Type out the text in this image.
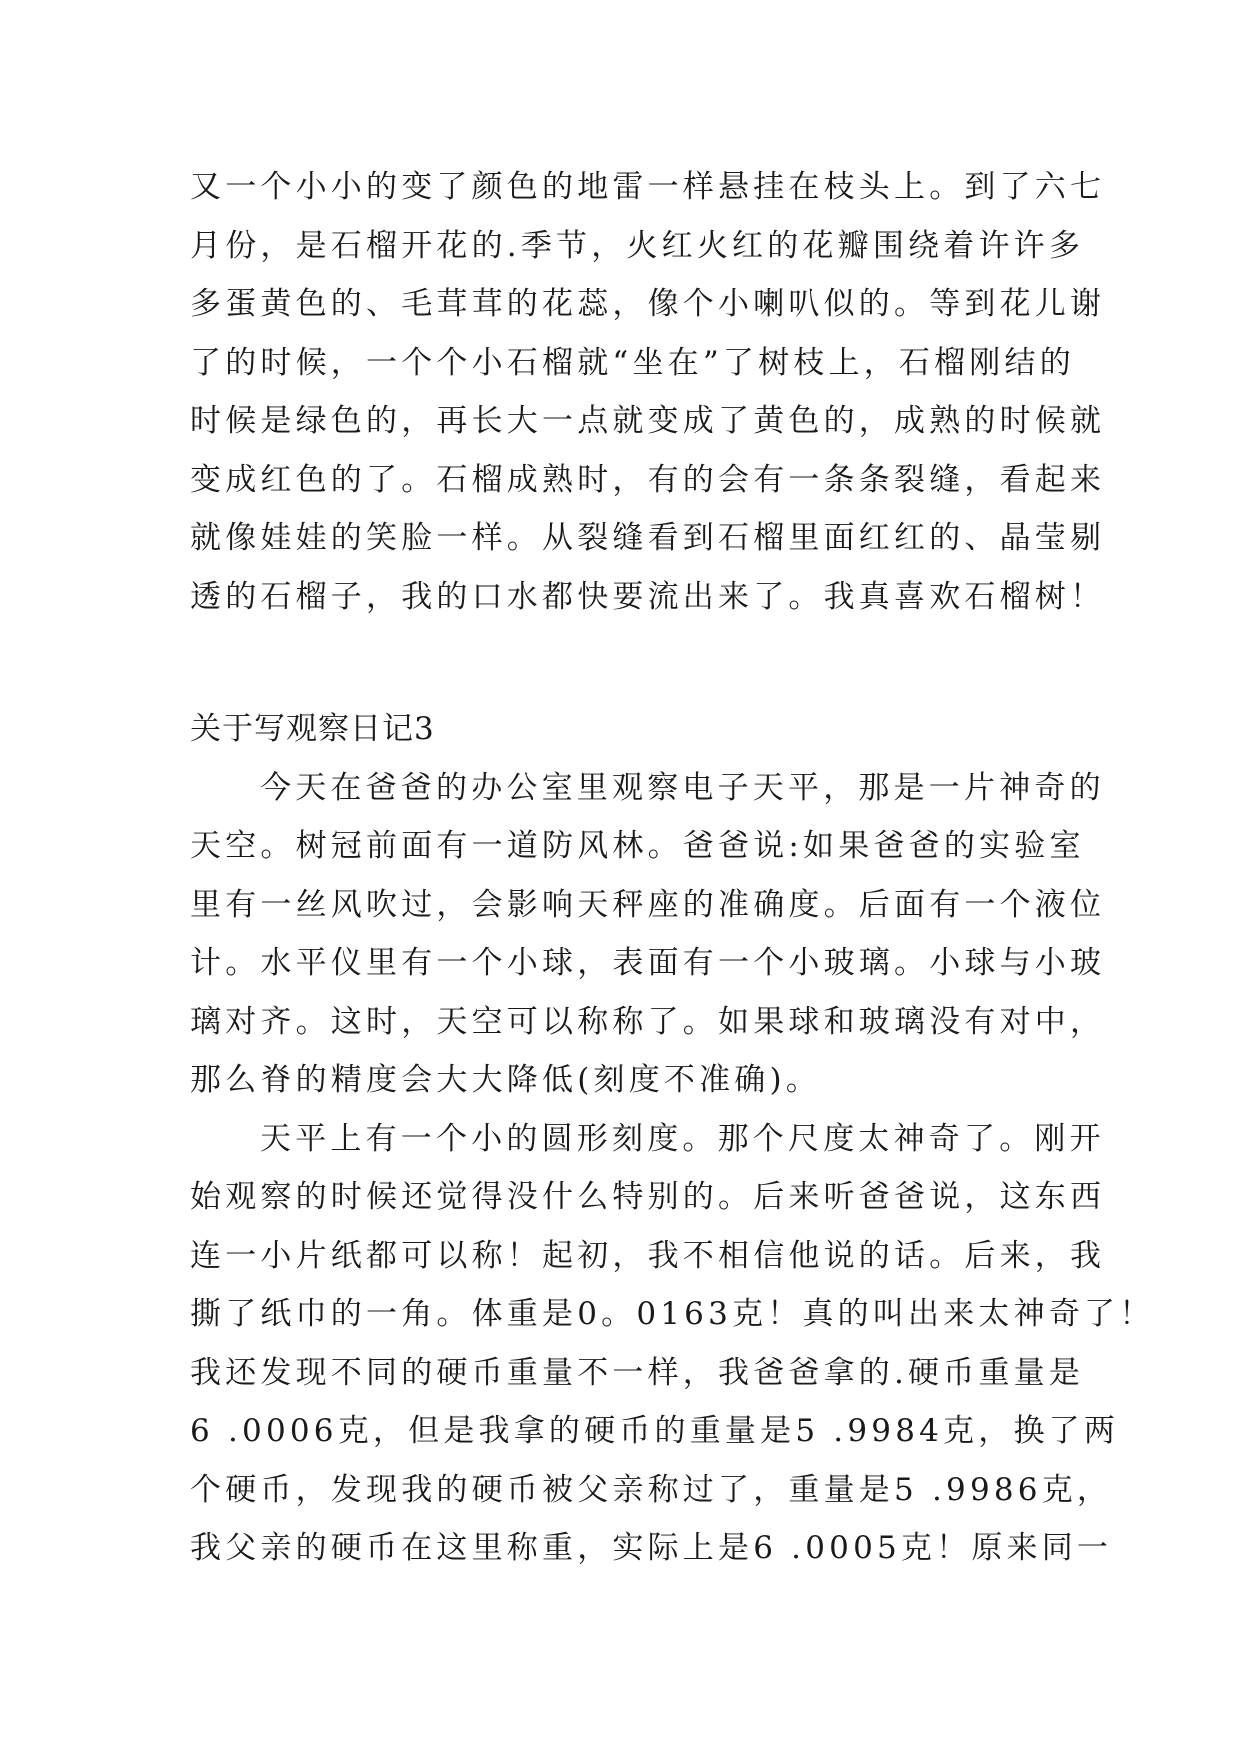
又一个小小的变了颜色的地雷一样悬挂在枝头上。到了六七
月份，是石榴开花的.季节，火红火红的花瓣围绕着许许多
多蛋黄色的、毛茸茸的花蕊，像个小喇叭似的。等到花儿谢
了的时候，一个个小石榴就“坐在”了树枝上，石榴刚结的
时候是绿色的，再长大一点就变成了黄色的，成熟的时候就
变成红色的了。石榴成熟时，有的会有一条条裂缝，看起来
就像娃娃的笑脸一样。从裂缝看到石榴里面红红的、晶莹剔
透的石榴子，我的口水都快要流出来了。我真喜欢石榴树！
关于写观察日记3
今天在爸爸的办公室里观察电子天平，那是一片神奇的
天空。树冠前面有一道防风林。爸爸说:如果爸爸的实验室
里有一丝风吹过，会影响天秤座的准确度。后面有一个液位
计。水平仪里有一个小球，表面有一个小玻璃。小球与小玻
璃对齐。这时，天空可以称称了。如果球和玻璃没有对中，
那么脊的精度会大大降低(刻度不准确)。
天平上有一个小的圆形刻度。那个尺度太神奇了。刚开
始观察的时候还觉得没什么特别的。后来听爸爸说，这东西
连一小片纸都可以称！起初，我不相信他说的话。后来，我
撕了纸巾的一角。体重是0。0163克！真的叫出来太神奇了！
我还发现不同的硬币重量不一样，我爸爸拿的.硬币重量是
6 .0006克，但是我拿的硬币的重量是5 .9984克，换了两
个硬币，发现我的硬币被父亲称过了，重量是5 .9986克，
我父亲的硬币在这里称重，实际上是6 .0005克！原来同一
